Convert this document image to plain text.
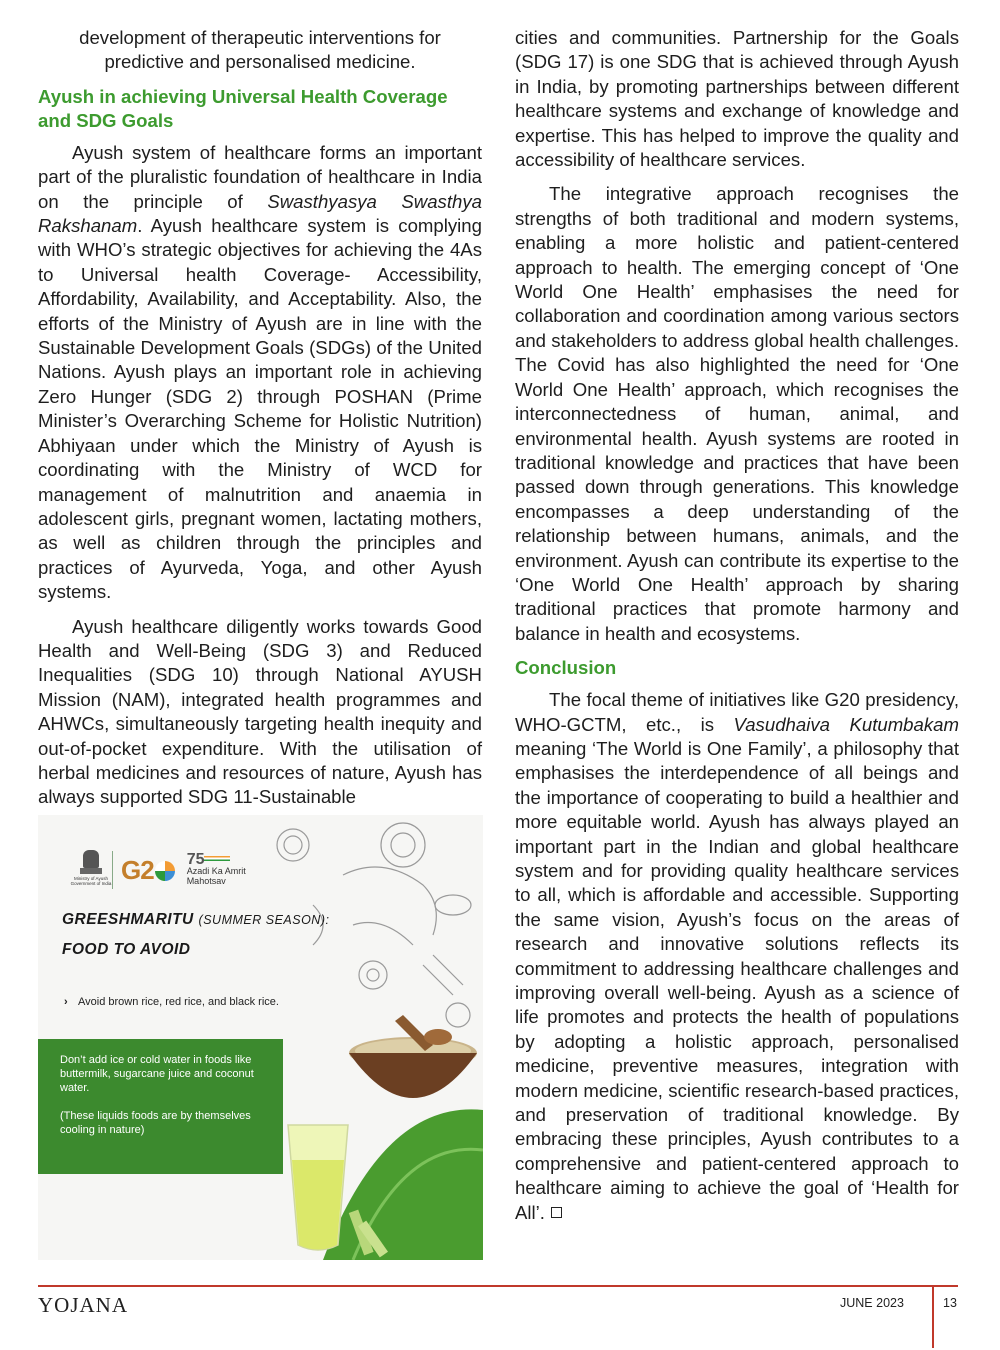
development of therapeutic interventions for predictive and personalised medicine.

Ayush in achieving Universal Health Coverage and SDG Goals

Ayush system of healthcare forms an important part of the pluralistic foundation of healthcare in India on the principle of Swasthyasya Swasthya Rakshanam. Ayush healthcare system is complying with WHO’s strategic objectives for achieving the 4As to Universal health Coverage- Accessibility, Affordability, Availability, and Acceptability. Also, the efforts of the Ministry of Ayush are in line with the Sustainable Development Goals (SDGs) of the United Nations. Ayush plays an important role in achieving Zero Hunger (SDG 2) through POSHAN (Prime Minister’s Overarching Scheme for Holistic Nutrition) Abhiyaan under which the Ministry of Ayush is coordinating with the Ministry of WCD for management of malnutrition and anaemia in adolescent girls, pregnant women, lactating mothers, as well as children through the principles and practices of Ayurveda, Yoga, and other Ayush systems.

Ayush healthcare diligently works towards Good Health and Well-Being (SDG 3) and Reduced Inequalities (SDG 10) through National AYUSH Mission (NAM), integrated health programmes and AHWCs, simultaneously targeting health inequity and out-of-pocket expenditure. With the utilisation of herbal medicines and resources of nature, Ayush has always supported SDG 11-Sustainable

Ministry of Ayush Government of India G2	75
Azadi Ka Amrit Mahotsav
GREESHMARITU (SUMMER SEASON):
FOOD TO AVOID
› Avoid brown rice, red rice, and black rice.

Don’t add ice or cold water in foods like buttermilk, sugarcane juice and coconut water.

(These liquids foods are by themselves cooling in nature)

cities and communities. Partnership for the Goals (SDG 17) is one SDG that is achieved through Ayush in India, by promoting partnerships between different healthcare systems and exchange of knowledge and expertise. This has helped to improve the quality and accessibility of healthcare services.

The integrative approach recognises the strengths of both traditional and modern systems, enabling a more holistic and patient-centered approach to health. The emerging concept of ‘One World One Health’ emphasises the need for collaboration and coordination among various sectors and stakeholders to address global health challenges. The Covid has also highlighted the need for ‘One World One Health’ approach, which recognises the interconnectedness of human, animal, and environmental health. Ayush systems are rooted in traditional knowledge and practices that have been passed down through generations. This knowledge encompasses a deep understanding of the relationship between humans, animals, and the environment. Ayush can contribute its expertise to the ‘One World One Health’ approach by sharing traditional practices that promote harmony and balance in health and ecosystems.

Conclusion

The focal theme of initiatives like G20 presidency, WHO-GCTM, etc., is Vasudhaiva Kutumbakam meaning ‘The World is One Family’, a philosophy that emphasises the interdependence of all beings and the importance of cooperating to build a healthier and more equitable world. Ayush has always played an important part in the Indian and global healthcare system and for providing quality healthcare services to all, which is affordable and accessible. Supporting the same vision, Ayush’s focus on the areas of research and innovative solutions reflects its commitment to addressing healthcare challenges and improving overall well-being. Ayush as a science of life promotes and protects the health of populations by adopting a holistic approach, personalised medicine, preventive measures, integration with modern medicine, scientific research-based practices, and preservation of traditional knowledge. By embracing these principles, Ayush contributes to a comprehensive and patient-centered approach to healthcare aiming to achieve the goal of ‘Health for All’.

YOJANA	JUNE 2023	13
